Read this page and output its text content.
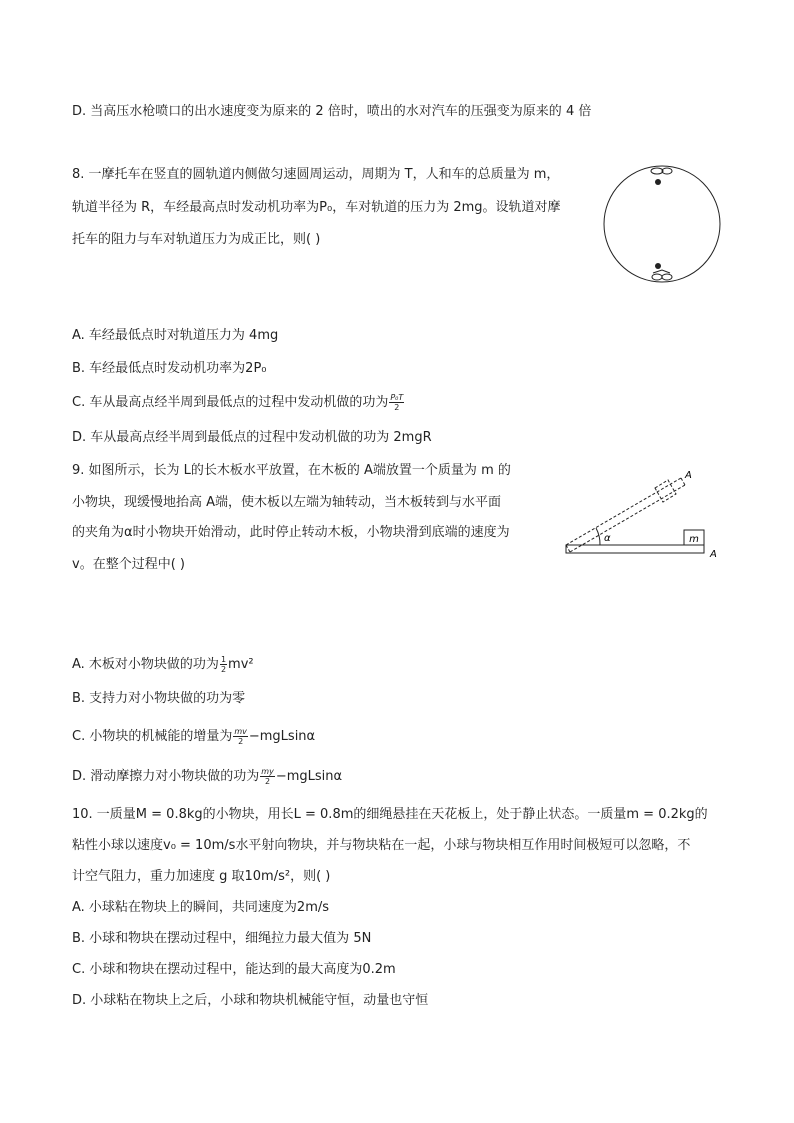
D. 当高压水枪喷口的出水速度变为原来的 2 倍时，喷出的水对汽车的压强变为原来的 4 倍
8. 一摩托车在竖直的圆轨道内侧做匀速圆周运动，周期为 T，人和车的总质量为 m，
轨道半径为 R，车经最高点时发动机功率为P₀，车对轨道的压力为 2mg。设轨道对摩
托车的阻力与车对轨道压力为成正比，则( )
A. 车经最低点时对轨道压力为 4mg
B. 车经最低点时发动机功率为2P₀
C. 车从最高点经半周到最低点的过程中发动机做的功为 $\frac{\text{P₀T}}{2}$
D. 车从最高点经半周到最低点的过程中发动机做的功为 2mgR
9. 如图所示，长为 L的长木板水平放置，在木板的 A端放置一个质量为 m 的
小物块，现缓慢地抬高 A端，使木板以左端为轴转动，当木板转到与水平面
的夹角为α时小物块开始滑动，此时停止转动木板，小物块滑到底端的速度为
v。在整个过程中( )
m
α
A
A
A. 木板对小物块做的功为 $\frac{1}{2} mv^2$
B. 支持力对小物块做的功为零
C. 小物块的机械能的增量为 $\frac{mv}{2} -mgLsin\alpha$
D. 滑动摩擦力对小物块做的功为 $\frac{my}{2} -mgLsin\alpha$
10. 一质量M = 0.8kg的小物块，用长L = 0.8m的细绳悬挂在天花板上，处于静止状态。一质量m = 0.2kg的
粘性小球以速度v₀ = 10m/s水平射向物块，并与物块粘在一起，小球与物块相互作用时间极短可以忽略，不
计空气阻力，重力加速度 g 取10m/s²，则( )
A. 小球粘在物块上的瞬间，共同速度为2m/s
B. 小球和物块在摆动过程中，细绳拉力最大值为 5N
C. 小球和物块在摆动过程中，能达到的最大高度为0.2m
D. 小球粘在物块上之后，小球和物块机械能守恒，动量也守恒
